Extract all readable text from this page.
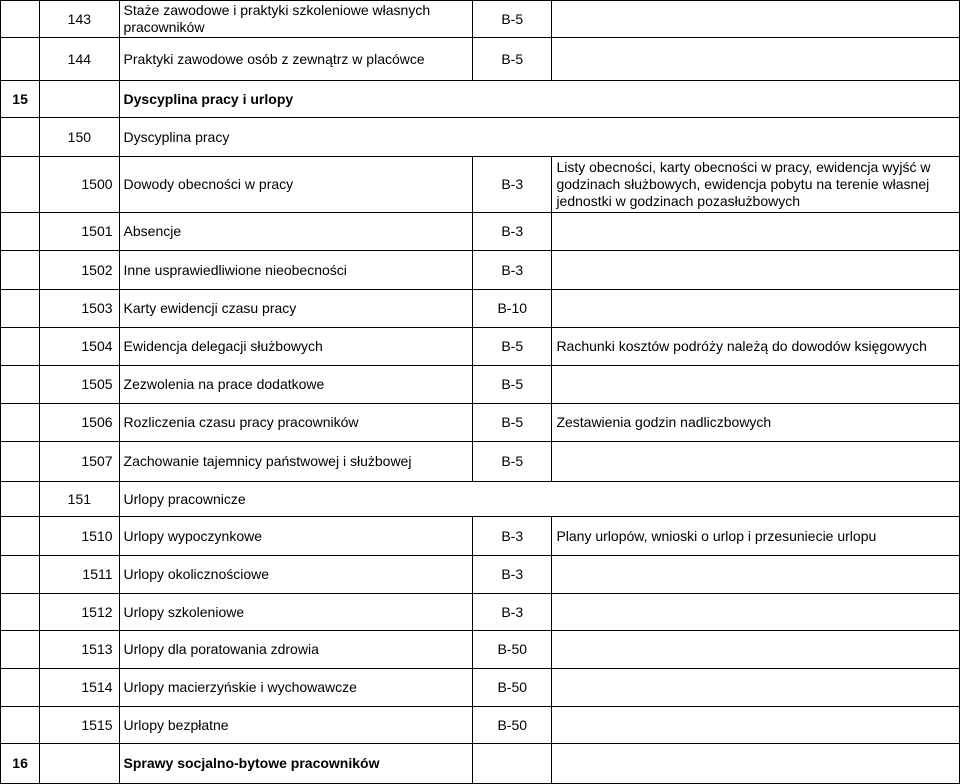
	143	Staże zawodowe i praktyki szkoleniowe własnych pracowników	B-5	
	144	Praktyki zawodowe osób z zewnątrz w placówce	B-5	
15		Dyscyplina pracy i urlopy		
	150	Dyscyplina pracy		
	1500	Dowody obecności w pracy	B-3	Listy obecności, karty obecności w pracy, ewidencja wyjść w godzinach służbowych, ewidencja pobytu na terenie własnej jednostki w godzinach pozasłużbowych
	1501	Absencje	B-3	
	1502	Inne usprawiedliwione nieobecności	B-3	
	1503	Karty ewidencji czasu pracy	B-10	
	1504	Ewidencja delegacji służbowych	B-5	Rachunki kosztów podróży należą do dowodów księgowych
	1505	Zezwolenia na prace dodatkowe	B-5	
	1506	Rozliczenia czasu pracy pracowników	B-5	Zestawienia godzin nadliczbowych
	1507	Zachowanie tajemnicy państwowej i służbowej	B-5	
	151	Urlopy pracownicze		
	1510	Urlopy wypoczynkowe	B-3	Plany urlopów, wnioski o urlop i przesuniecie urlopu
	1511	Urlopy okolicznościowe	B-3	
	1512	Urlopy szkoleniowe	B-3	
	1513	Urlopy dla poratowania zdrowia	B-50	
	1514	Urlopy macierzyńskie i wychowawcze	B-50	
	1515	Urlopy bezpłatne	B-50	
16		Sprawy socjalno-bytowe pracowników		
